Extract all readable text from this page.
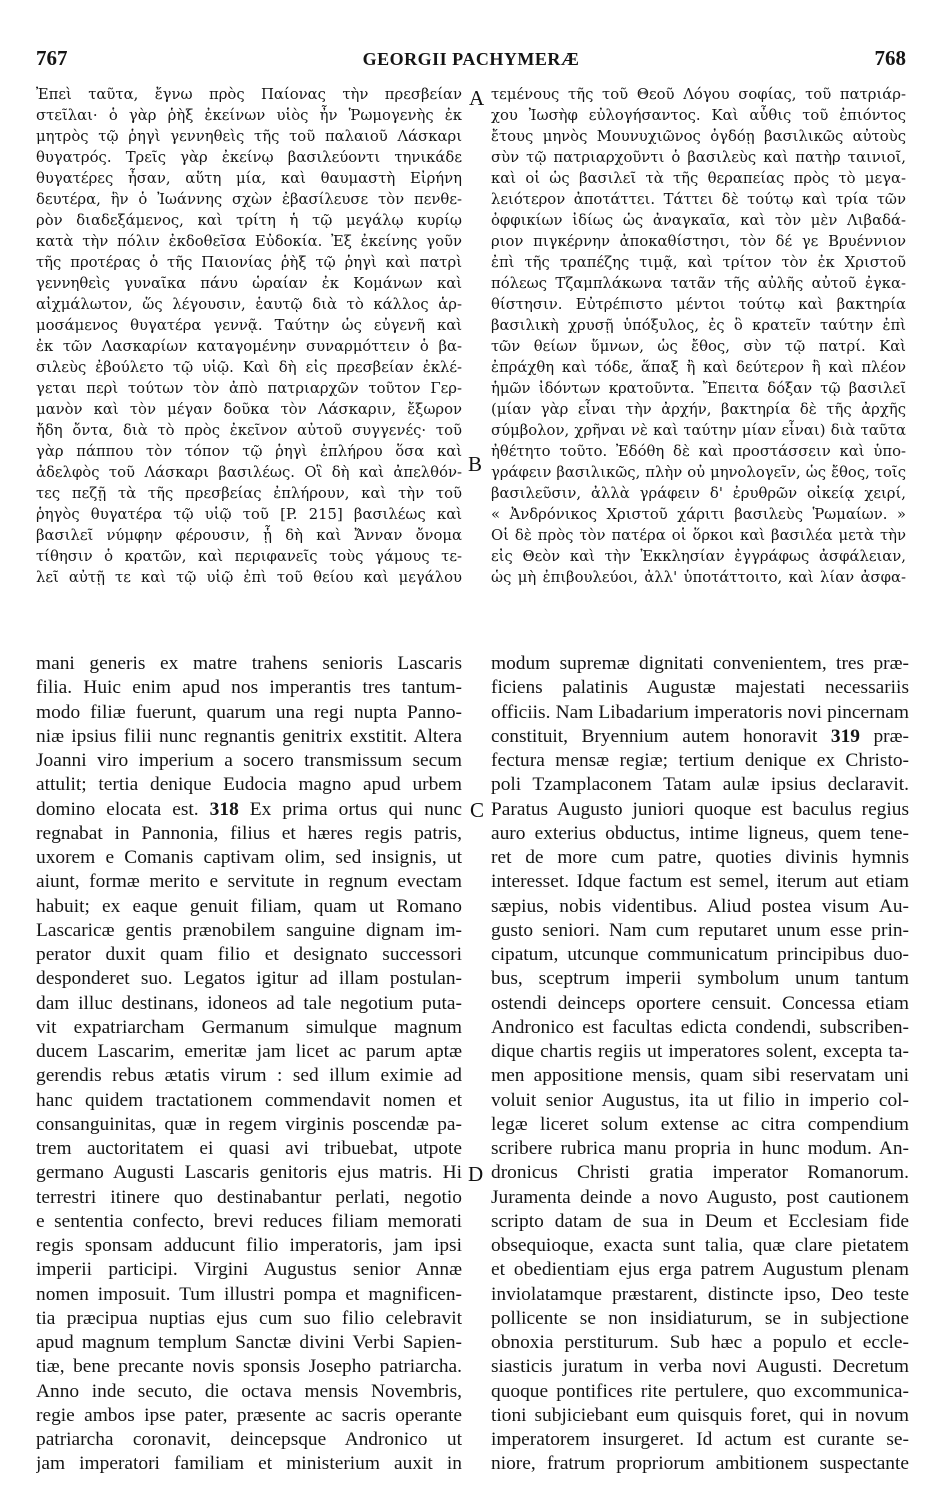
767	GEORGII PACHYMERÆ	768
A
B
C
D
Ἐπεὶ ταῦτα, ἔγνω πρὸς Παίονας τὴν πρεσβείαν
στεῖλαι· ὁ γὰρ ῥὴξ ἐκείνων υἱὸς ἦν Ῥωμογενὴς ἐκ
μητρὸς τῷ ῥηγὶ γεννηθεὶς τῆς τοῦ παλαιοῦ Λάσκαρι
θυγατρός. Τρεῖς γὰρ ἐκείνῳ βασιλεύοντι τηνικάδε
θυγατέρες ἦσαν, αὕτη μία, καὶ θαυμαστὴ Εἰρήνη
δευτέρα, ἣν ὁ Ἰωάννης σχὼν ἐβασίλευσε τὸν πενθε-
ρὸν διαδεξάμενος, καὶ τρίτη ἡ τῷ μεγάλῳ κυρίῳ
κατὰ τὴν πόλιν ἐκδοθεῖσα Εὐδοκία. Ἐξ ἐκείνης γοῦν
τῆς προτέρας ὁ τῆς Παιονίας ῥὴξ τῷ ῥηγὶ καὶ πατρὶ
γεννηθεὶς γυναῖκα πάνυ ὡραίαν ἐκ Κομάνων καὶ
αἰχμάλωτον, ὥς λέγουσιν, ἑαυτῷ διὰ τὸ κάλλος ἁρ-
μοσάμενος θυγατέρα γεννᾷ. Ταύτην ὡς εὐγενῆ καὶ
ἐκ τῶν Λασκαρίων καταγομένην συναρμόττειν ὁ βα-
σιλεὺς ἐβούλετο τῷ υἱῷ. Καὶ δὴ εἰς πρεσβείαν ἐκλέ-
γεται περὶ τούτων τὸν ἀπὸ πατριαρχῶν τοῦτον Γερ-
μανὸν καὶ τὸν μέγαν δοῦκα τὸν Λάσκαριν, ἔξωρον
ἤδη ὄντα, διὰ τὸ πρὸς ἐκεῖνον αὐτοῦ συγγενές· τοῦ
γὰρ πάππου τὸν τόπον τῷ ῥηγὶ ἐπλήρου ὅσα καὶ
ἀδελφὸς τοῦ Λάσκαρι βασιλέως. Οἳ δὴ καὶ ἀπελθόν-
τες πεζῇ τὰ τῆς πρεσβείας ἐπλήρουν, καὶ τὴν τοῦ
ῥηγὸς θυγατέρα τῷ υἱῷ τοῦ [P. 215] βασιλέως καὶ
βασιλεῖ νύμφην φέρουσιν, ᾗ δὴ καὶ Ἄνναν ὄνομα
τίθησιν ὁ κρατῶν, καὶ περιφανεῖς τοὺς γάμους τε-
λεῖ αὐτῇ τε καὶ τῷ υἱῷ ἐπὶ τοῦ θείου καὶ μεγάλου
τεμένους τῆς τοῦ Θεοῦ Λόγου σοφίας, τοῦ πατριάρ-
χου Ἰωσὴφ εὐλογήσαντος. Καὶ αὖθις τοῦ ἐπιόντος
ἔτους μηνὸς Μουνυχιῶνος ὀγδόῃ βασιλικῶς αὐτοὺς
σὺν τῷ πατριαρχοῦντι ὁ βασιλεὺς καὶ πατὴρ ταινιοῖ,
καὶ οἱ ὡς βασιλεῖ τὰ τῆς θεραπείας πρὸς τὸ μεγα-
λειότερον ἀποτάττει. Τάττει δὲ τούτῳ καὶ τρία τῶν
ὀφφικίων ἰδίως ὡς ἀναγκαῖα, καὶ τὸν μὲν Λιβαδά-
ριον πιγκέρνην ἀποκαθίστησι, τὸν δέ γε Βρυέννιον
ἐπὶ τῆς τραπέζης τιμᾷ, καὶ τρίτον τὸν ἐκ Χριστοῦ
πόλεως Τζαμπλάκωνα τατᾶν τῆς αὐλῆς αὐτοῦ ἐγκα-
θίστησιν. Εὐτρέπιστο μέντοι τούτῳ καὶ βακτηρία
βασιλικὴ χρυσῇ ὑπόξυλος, ἐς ὃ κρατεῖν ταύτην ἐπὶ
τῶν θείων ὕμνων, ὡς ἔθος, σὺν τῷ πατρί. Καὶ
ἐπράχθη καὶ τόδε, ἅπαξ ἢ καὶ δεύτερον ἢ καὶ πλέον
ἡμῶν ἰδόντων κρατοῦντα. Ἔπειτα δόξαν τῷ βασιλεῖ
(μίαν γὰρ εἶναι τὴν ἀρχήν, βακτηρία δὲ τῆς ἀρχῆς
σύμβολον, χρῆναι νὲ καὶ ταύτην μίαν εἶναι) διὰ ταῦτα
ἠθέτητο τοῦτο. Ἐδόθη δὲ καὶ προστάσσειν καὶ ὑπο-
γράφειν βασιλικῶς, πλὴν οὐ μηνολογεῖν, ὡς ἔθος, τοῖς
βασιλεῦσιν, ἀλλὰ γράφειν δ' ἐρυθρῶν οἰκείᾳ χειρί,
« Ἀνδρόνικος Χριστοῦ χάριτι βασιλεὺς Ῥωμαίων. »
Οἱ δὲ πρὸς τὸν πατέρα οἱ ὅρκοι καὶ βασιλέα μετὰ τὴν
εἰς Θεὸν καὶ τὴν Ἐκκλησίαν ἐγγράφως ἀσφάλειαν,
ὡς μὴ ἐπιβουλεύοι, ἀλλ' ὑποτάττοιτο, καὶ λίαν ἀσφα-
mani generis ex matre trahens senioris Lascaris
filia. Huic enim apud nos imperantis tres tantum-
modo filiæ fuerunt, quarum una regi nupta Panno-
niæ ipsius filii nunc regnantis genitrix exstitit. Altera
Joanni viro imperium a socero transmissum secum
attulit; tertia denique Eudocia magno apud urbem
domino elocata est. 318 Ex prima ortus qui nunc
regnabat in Pannonia, filius et hæres regis patris,
uxorem e Comanis captivam olim, sed insignis, ut
aiunt, formæ merito e servitute in regnum evectam
habuit; ex eaque genuit filiam, quam ut Romano
Lascaricæ gentis prænobilem sanguine dignam im-
perator duxit quam filio et designato successori
desponderet suo. Legatos igitur ad illam postulan-
dam illuc destinans, idoneos ad tale negotium puta-
vit expatriarcham Germanum simulque magnum
ducem Lascarim, emeritæ jam licet ac parum aptæ
gerendis rebus ætatis virum : sed illum eximie ad
hanc quidem tractationem commendavit nomen et
consanguinitas, quæ in regem virginis poscendæ pa-
trem auctoritatem ei quasi avi tribuebat, utpote
germano Augusti Lascaris genitoris ejus matris. Hi
terrestri itinere quo destinabantur perlati, negotio
e sententia confecto, brevi reduces filiam memorati
regis sponsam adducunt filio imperatoris, jam ipsi
imperii participi. Virgini Augustus senior Annæ
nomen imposuit. Tum illustri pompa et magnificen-
tia præcipua nuptias ejus cum suo filio celebravit
apud magnum templum Sanctæ divini Verbi Sapien-
tiæ, bene precante novis sponsis Josepho patriarcha.
Anno inde secuto, die octava mensis Novembris,
regie ambos ipse pater, præsente ac sacris operante
patriarcha coronavit, deincepsque Andronico ut
jam imperatori familiam et ministerium auxit in
modum supremæ dignitati convenientem, tres præ-
ficiens palatinis Augustæ majestati necessariis
officiis. Nam Libadarium imperatoris novi pincernam
constituit, Bryennium autem honoravit 319 præ-
fectura mensæ regiæ; tertium denique ex Christo-
poli Tzamplaconem Tatam aulæ ipsius declaravit.
Paratus Augusto juniori quoque est baculus regius
auro exterius obductus, intime ligneus, quem tene-
ret de more cum patre, quoties divinis hymnis
interesset. Idque factum est semel, iterum aut etiam
sæpius, nobis videntibus. Aliud postea visum Au-
gusto seniori. Nam cum reputaret unum esse prin-
cipatum, utcunque communicatum principibus duo-
bus, sceptrum imperii symbolum unum tantum
ostendi deinceps oportere censuit. Concessa etiam
Andronico est facultas edicta condendi, subscriben-
dique chartis regiis ut imperatores solent, excepta ta-
men appositione mensis, quam sibi reservatam uni
voluit senior Augustus, ita ut filio in imperio col-
legæ liceret solum extense ac citra compendium
scribere rubrica manu propria in hunc modum. An-
dronicus Christi gratia imperator Romanorum.
Juramenta deinde a novo Augusto, post cautionem
scripto datam de sua in Deum et Ecclesiam fide
obsequioque, exacta sunt talia, quæ clare pietatem
et obedientiam ejus erga patrem Augustum plenam
inviolatamque præstarent, distincte ipso, Deo teste
pollicente se non insidiaturum, se in subjectione
obnoxia perstiturum. Sub hæc a populo et eccle-
siasticis juratum in verba novi Augusti. Decretum
quoque pontifices rite pertulere, quo excommunica-
tioni subjiciebant eum quisquis foret, qui in novum
imperatorem insurgeret. Id actum est curante se-
niore, fratrum propriorum ambitionem suspectante
